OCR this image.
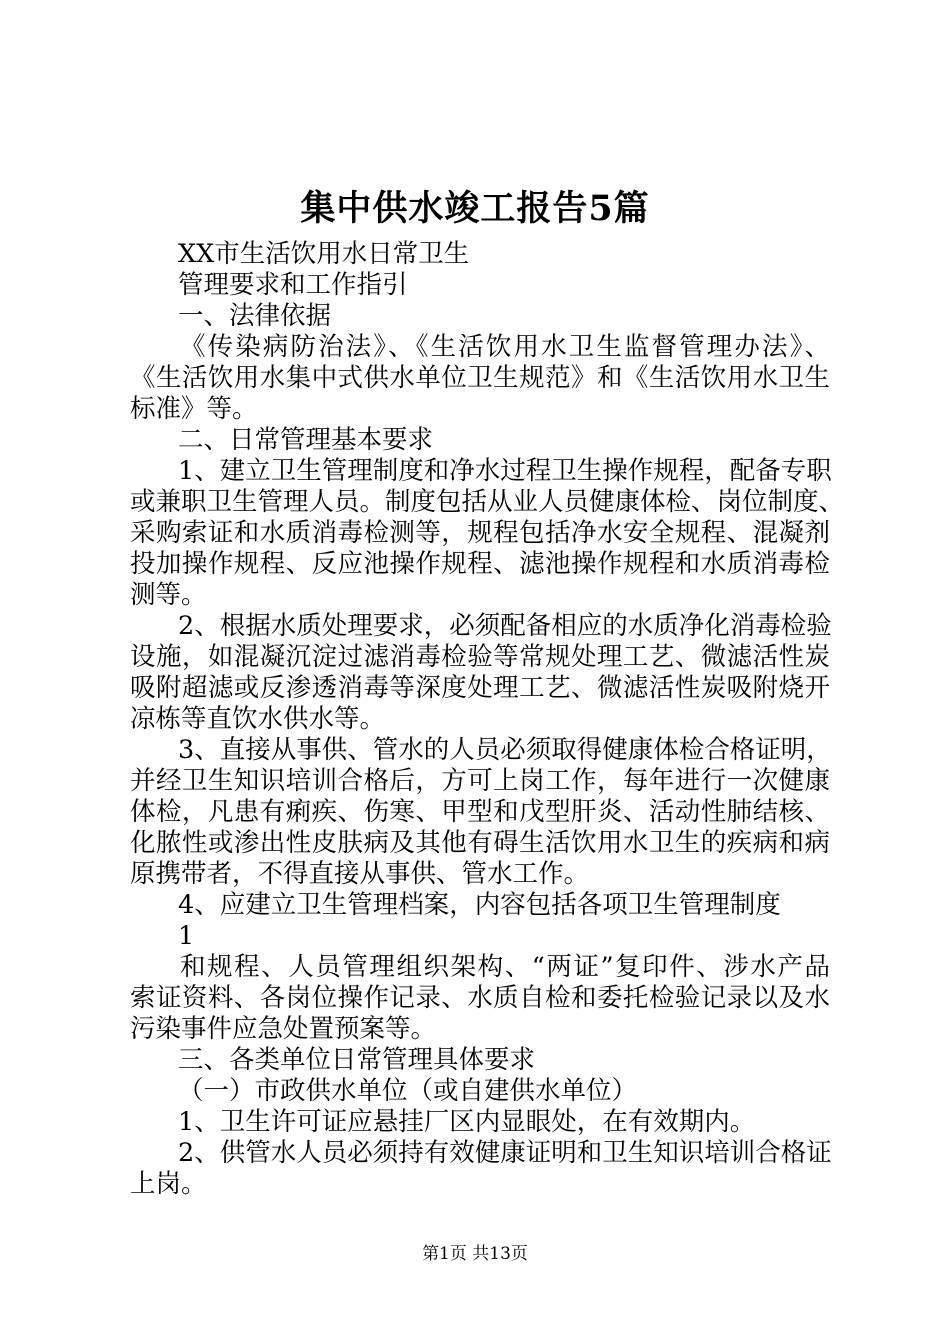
集中供水竣工报告5篇
XX市生活饮用水日常卫生
管理要求和工作指引
一、法律依据
《传染病防治法》、《生活饮用水卫生监督管理办法》、
《生活饮用水集中式供水单位卫生规范》和《生活饮用水卫生
标准》等。
二、日常管理基本要求
1、建立卫生管理制度和净水过程卫生操作规程，配备专职
或兼职卫生管理人员。制度包括从业人员健康体检、岗位制度、
采购索证和水质消毒检测等，规程包括净水安全规程、混凝剂
投加操作规程、反应池操作规程、滤池操作规程和水质消毒检
测等。
2、根据水质处理要求，必须配备相应的水质净化消毒检验
设施，如混凝沉淀过滤消毒检验等常规处理工艺、微滤活性炭
吸附超滤或反渗透消毒等深度处理工艺、微滤活性炭吸附烧开
凉栋等直饮水供水等。
3、直接从事供、管水的人员必须取得健康体检合格证明，
并经卫生知识培训合格后，方可上岗工作，每年进行一次健康
体检，凡患有痢疾、伤寒、甲型和戊型肝炎、活动性肺结核、
化脓性或渗出性皮肤病及其他有碍生活饮用水卫生的疾病和病
原携带者，不得直接从事供、管水工作。
4、应建立卫生管理档案，内容包括各项卫生管理制度
1
和规程、人员管理组织架构、“两证”复印件、涉水产品
索证资料、各岗位操作记录、水质自检和委托检验记录以及水
污染事件应急处置预案等。
三、各类单位日常管理具体要求
（一）市政供水单位（或自建供水单位）
1、卫生许可证应悬挂厂区内显眼处，在有效期内。
2、供管水人员必须持有效健康证明和卫生知识培训合格证
上岗。
第1页 共13页
